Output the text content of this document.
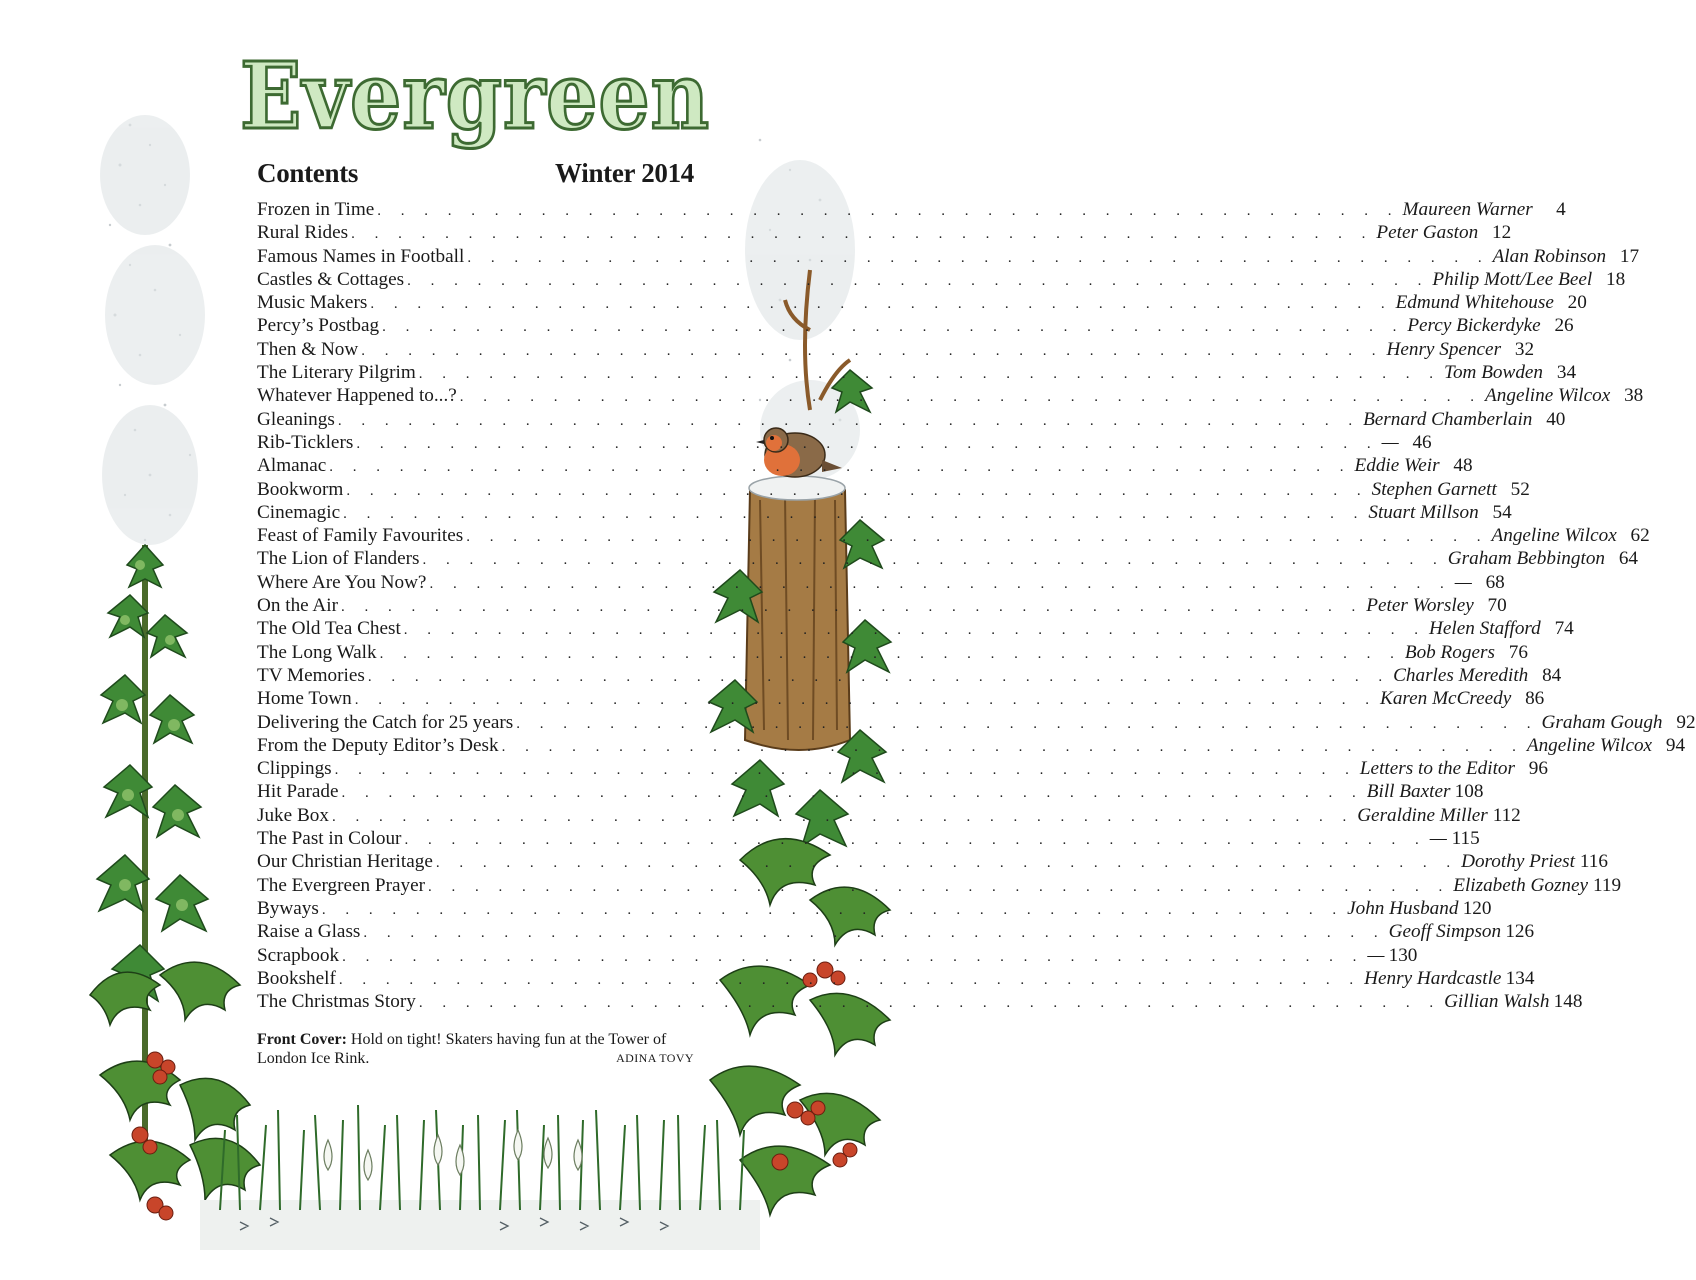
Evergreen
Contents	Winter 2014
Frozen in Time . . .	Maureen Warner	4
Rural Rides . . .	Peter Gaston 12
Famous Names in Football . . .	Alan Robinson 17
Castles & Cottages . . .	Philip Mott/Lee Beel 18
Music Makers . . .	Edmund Whitehouse 20
Percy’s Postbag . . .	Percy Bickerdyke 26
Then & Now . . .	Henry Spencer 32
The Literary Pilgrim . . .	Tom Bowden 34
Whatever Happened to...? . . .	Angeline Wilcox 38
Gleanings . . .	Bernard Chamberlain 40
Rib-Ticklers . . .	— 46
Almanac . . .	Eddie Weir 48
Bookworm . . .	Stephen Garnett 52
Cinemagic . . .	Stuart Millson 54
Feast of Family Favourites . . .	Angeline Wilcox 62
The Lion of Flanders . . .	Graham Bebbington 64
Where Are You Now? . . .	— 68
On the Air . . .	Peter Worsley 70
The Old Tea Chest . . .	Helen Stafford 74
The Long Walk . . .	Bob Rogers 76
TV Memories . . .	Charles Meredith 84
Home Town . . .	Karen McCreedy 86
Delivering the Catch for 25 years . . .	Graham Gough 92
From the Deputy Editor’s Desk . . .	Angeline Wilcox 94
Clippings . . .	Letters to the Editor 96
Hit Parade . . .	Bill Baxter 108
Juke Box . . .	Geraldine Miller 112
The Past in Colour . . .	— 115
Our Christian Heritage . . .	Dorothy Priest 116
The Evergreen Prayer . . .	Elizabeth Gozney 119
Byways . . .	John Husband 120
Raise a Glass . . .	Geoff Simpson 126
Scrapbook . . .	— 130
Bookshelf . . .	Henry Hardcastle 134
The Christmas Story . . .	Gillian Walsh 148
Front Cover: Hold on tight! Skaters having fun at the Tower of London Ice Rink.	ADINA TOVY
